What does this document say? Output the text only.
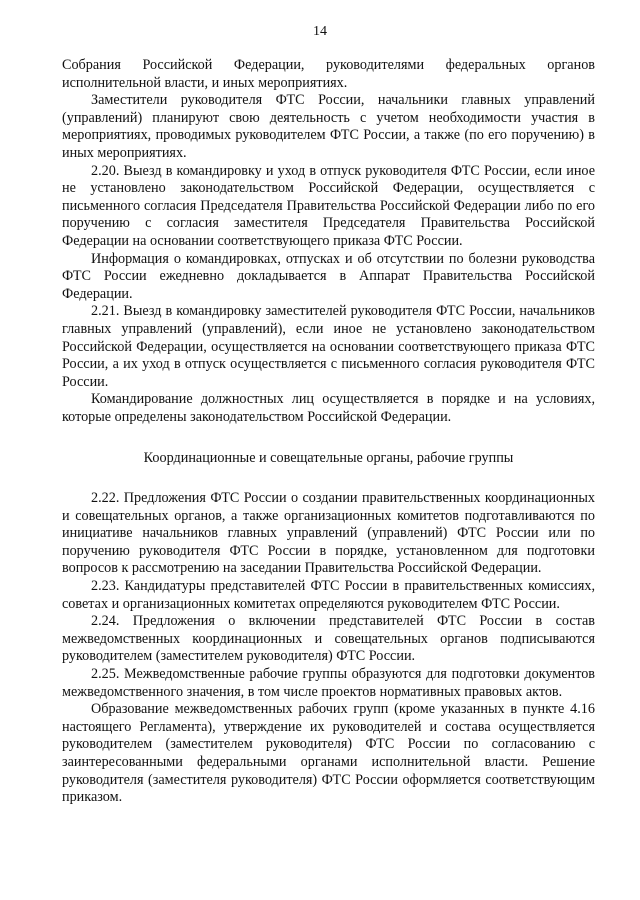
14

Собрания Российской Федерации, руководителями федеральных органов исполнительной власти, и иных мероприятиях.

Заместители руководителя ФТС России, начальники главных управлений (управлений) планируют свою деятельность с учетом необходимости участия в мероприятиях, проводимых руководителем ФТС России, а также (по его поручению) в иных мероприятиях.

2.20. Выезд в командировку и уход в отпуск руководителя ФТС России, если иное не установлено законодательством Российской Федерации, осуществляется с письменного согласия Председателя Правительства Российской Федерации либо по его поручению с согласия заместителя Председателя Правительства Российской Федерации на основании соответствующего приказа ФТС России.

Информация о командировках, отпусках и об отсутствии по болезни руководства ФТС России ежедневно докладывается в Аппарат Правительства Российской Федерации.

2.21. Выезд в командировку заместителей руководителя ФТС России, начальников главных управлений (управлений), если иное не установлено законодательством Российской Федерации, осуществляется на основании соответствующего приказа ФТС России, а их уход в отпуск осуществляется с письменного согласия руководителя ФТС России.

Командирование должностных лиц осуществляется в порядке и на условиях, которые определены законодательством Российской Федерации.

Координационные и совещательные органы, рабочие группы

2.22. Предложения ФТС России о создании правительственных координационных и совещательных органов, а также организационных комитетов подготавливаются по инициативе начальников главных управлений (управлений) ФТС России или по поручению руководителя ФТС России в порядке, установленном для подготовки вопросов к рассмотрению на заседании Правительства Российской Федерации.

2.23. Кандидатуры представителей ФТС России в правительственных комиссиях, советах и организационных комитетах определяются руководителем ФТС России.

2.24. Предложения о включении представителей ФТС России в состав межведомственных координационных и совещательных органов подписываются руководителем (заместителем руководителя) ФТС России.

2.25. Межведомственные рабочие группы образуются для подготовки документов межведомственного значения, в том числе проектов нормативных правовых актов.

Образование межведомственных рабочих групп (кроме указанных в пункте 4.16 настоящего Регламента), утверждение их руководителей и состава осуществляется руководителем (заместителем руководителя) ФТС России по согласованию с заинтересованными федеральными органами исполнительной власти. Решение руководителя (заместителя руководителя) ФТС России оформляется соответствующим приказом.
